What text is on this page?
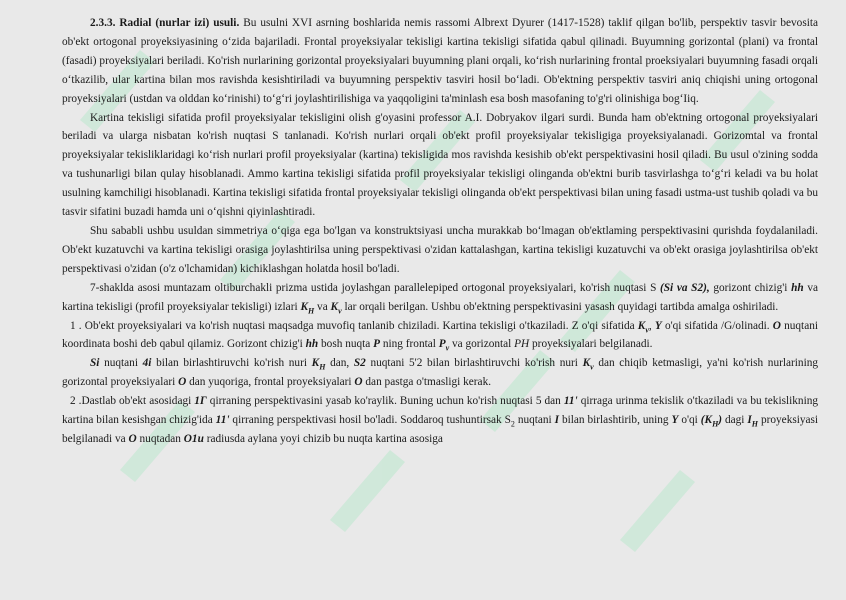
2.3.3. Radial (nurlar izi) usuli. Bu usulni XVI asrning boshlarida nemis rassomi Albrext Dyurer (1417-1528) taklif qilgan bo'lib, perspektiv tasvir bevosita ob'ekt ortogonal proyeksiyasining o‘zida bajariladi. Frontal proyeksiyalar tekisligi kartina tekisligi sifatida qabul qilinadi. Buyumning gorizontal (plani) va frontal (fasadi) proyeksiyalari beriladi. Ko'rish nurlarining gorizontal proyeksiyalari buyumning plani orqali, ko‘rish nurlarining frontal proeksiyalari buyumning fasadi orqali o‘tkazilib, ular kartina bilan mos ravishda kesishtiriladi va buyumning perspektiv tasviri hosil bo‘ladi. Ob'ektning perspektiv tasviri aniq chiqishi uning ortogonal proyeksiyalari (ustdan va olddan ko‘rinishi) to‘g‘ri joylashtirilishiga va yaqqoligini ta'minlash esa bosh masofaning to'g'ri olinishiga bog‘Iiq.

Kartina tekisligi sifatida profil proyeksiyalar tekisligini olish g'oyasini professor A.I. Dobryakov ilgari surdi. Bunda ham ob'ektning ortogonal proyeksiyalari beriladi va ularga nisbatan ko'rish nuqtasi S tanlanadi. Ko'rish nurlari orqali ob'ekt profil proyeksiyalar tekisligiga proyeksiyalanadi. Gorizomtal va frontal proyeksiyalar tekisliklaridagi ko‘rish nurlari profil proyeksiyalar (kartina) tekisligida mos ravishda kesishib ob'ekt perspektivasini hosil qiladi. Bu usul o'zining sodda va tushunarligi bilan qulay hisoblanadi. Ammo kartina tekisligi sifatida profil proyeksiyalar tekisligi olinganda ob'ektni burib tasvirlashga to‘g‘ri keladi va bu holat usulning kamchiligi hisoblanadi. Kartina tekisligi sifatida frontal proyeksiyalar tekisligi olinganda ob'ekt perspektivasi bilan uning fasadi ustma-ust tushib qoladi va bu tasvir sifatini buzadi hamda uni o‘qishni qiyinlashtiradi.

Shu sababli ushbu usuldan simmetriya o‘qiga ega bo'lgan va konstruktsiyasi uncha murakkab bo‘lmagan ob'ektlaming perspektivasini qurishda foydalaniladi. Ob'ekt kuzatuvchi va kartina tekisligi orasiga joylashtirilsa uning perspektivasi o'zidan kattalashgan, kartina tekisligi kuzatuvchi va ob'ekt orasiga joylashtirilsa ob'ekt perspektivasi o'zidan (o'z o'lchamidan) kichiklashgan holatda hosil bo'ladi.

7-shaklda asosi muntazam oltiburchakli prizma ustida joylashgan parallelepiped ortogonal proyeksiyalari, ko'rish nuqtasi S (Si va S2), gorizont chizig'i hh va kartina tekisligi (profil proyeksiyalar tekisligi) izlari $K_H$ va $K_v$ lar orqali berilgan. Ushbu ob'ektning perspektivasini yasash quyidagi tartibda amalga oshiriladi.

1 . Ob'ekt proyeksiyalari va ko'rish nuqtasi maqsadga muvofiq tanlanib chiziladi. Kartina tekisligi o'tkaziladi. Z o'qi sifatida $K_v$, Y o'qi sifatida /G/olinadi. O nuqtani koordinata boshi deb qabul qilamiz. Gorizont chizig'i hh bosh nuqta P ning frontal $P_v$ va gorizontal PH proyeksiyalari belgilanadi.

Si nuqtani 4i bilan birlashtiruvchi ko'rish nuri $K_H$ dan, S2 nuqtani 5'2 bilan birlashtiruvchi ko'rish nuri $K_v$ dan chiqib ketmasligi, ya'ni ko'rish nurlarining gorizontal proyeksiyalari O dan yuqoriga, frontal proyeksiyalari O dan pastga o'tmasligi kerak.

2 .Dastlab ob'ekt asosidagi 1Г qirraning perspektivasini yasab ko'raylik. Buning uchun ko'rish nuqtasi 5 dan 11' qirraga urinma tekislik o'tkaziladi va bu tekislikning kartina bilan kesishgan chizig'ida 11' qirraning perspektivasi hosil bo'ladi. Soddaroq tushuntirsak $S_2$ nuqtani I bilan birlashtirib, uning Y o'qi $(K_H)$ dagi $I_H$ proyeksiyasi belgilanadi va O nuqtadan O1u radiusda aylana yoyi chizib bu nuqta kartina asosiga
